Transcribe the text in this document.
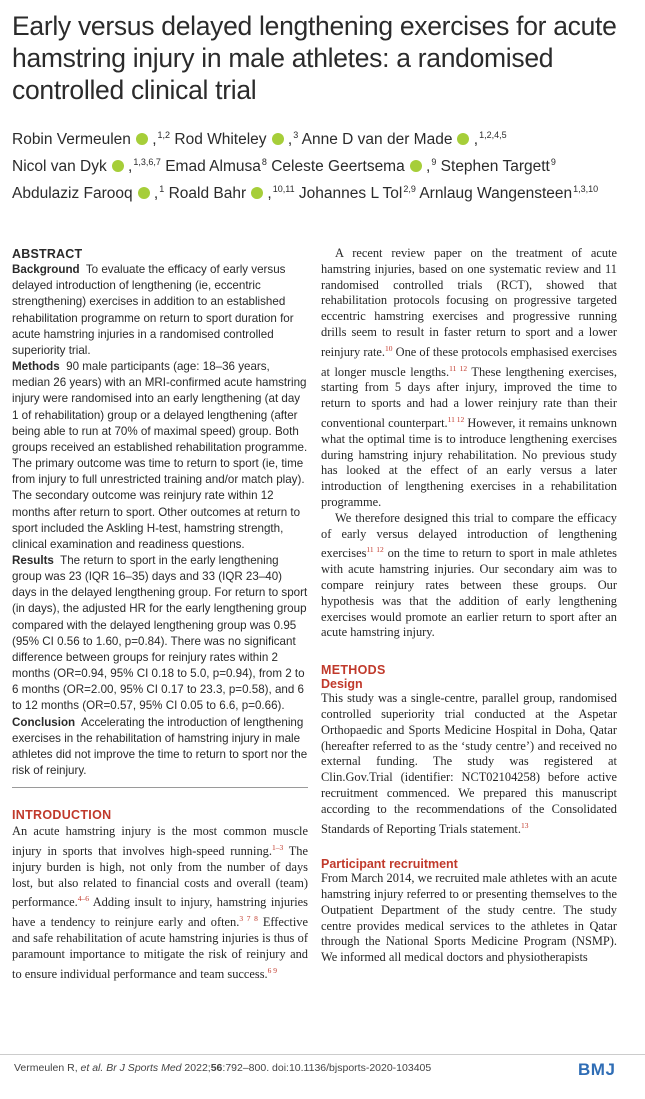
Early versus delayed lengthening exercises for acute hamstring injury in male athletes: a randomised controlled clinical trial
Robin Vermeulen ,$^{1,2}$ Rod Whiteley ,$^3$ Anne D van der Made ,$^{1,2,4,5}$ Nicol van Dyk ,$^{1,3,6,7}$ Emad Almusa$^8$ Celeste Geertsema ,$^9$ Stephen Targett$^9$ Abdulaziz Farooq ,$^1$ Roald Bahr ,$^{10,11}$ Johannes L Tol$^{2,9}$ Arnlaug Wangensteen$^{1,3,10}$
ABSTRACT

Background To evaluate the efficacy of early versus delayed introduction of lengthening (ie, eccentric strengthening) exercises in addition to an established rehabilitation programme on return to sport duration for acute hamstring injuries in a randomised controlled superiority trial.

Methods 90 male participants (age: 18–36 years, median 26 years) with an MRI-confirmed acute hamstring injury were randomised into an early lengthening (at day 1 of rehabilitation) group or a delayed lengthening (after being able to run at 70% of maximal speed) group. Both groups received an established rehabilitation programme. The primary outcome was time to return to sport (ie, time from injury to full unrestricted training and/or match play). The secondary outcome was reinjury rate within 12 months after return to sport. Other outcomes at return to sport included the Askling H-test, hamstring strength, clinical examination and readiness questions.

Results The return to sport in the early lengthening group was 23 (IQR 16–35) days and 33 (IQR 23–40) days in the delayed lengthening group. For return to sport (in days), the adjusted HR for the early lengthening group compared with the delayed lengthening group was 0.95 (95% CI 0.56 to 1.60, p=0.84). There was no significant difference between groups for reinjury rates within 2 months (OR=0.94, 95% CI 0.18 to 5.0, p=0.94), from 2 to 6 months (OR=2.00, 95% CI 0.17 to 23.3, p=0.58), and 6 to 12 months (OR=0.57, 95% CI 0.05 to 6.6, p=0.66).

Conclusion Accelerating the introduction of lengthening exercises in the rehabilitation of hamstring injury in male athletes did not improve the time to return to sport nor the risk of reinjury.

INTRODUCTION

An acute hamstring injury is the most common muscle injury in sports that involves high-speed running.$^{1-3}$ The injury burden is high, not only from the number of days lost, but also related to financial costs and overall (team) performance.$^{4-6}$ Adding insult to injury, hamstring injuries have a tendency to reinjure early and often.$^{3 7 8}$ Effective and safe rehabilitation of acute hamstring injuries is thus of paramount importance to mitigate the risk of reinjury and to ensure individual performance and team success.$^{6 9}$

A recent review paper on the treatment of acute hamstring injuries, based on one systematic review and 11 randomised controlled trials (RCT), showed that rehabilitation protocols focusing on progressive targeted eccentric hamstring exercises and progressive running drills seem to result in faster return to sport and a lower reinjury rate.$^{10}$ One of these protocols emphasised exercises at longer muscle lengths.$^{11 12}$ These lengthening exercises, starting from 5 days after injury, improved the time to return to sports and had a lower reinjury rate than their conventional counterpart.$^{11 12}$ However, it remains unknown what the optimal time is to introduce lengthening exercises during hamstring injury rehabilitation. No previous study has looked at the effect of an early versus a later introduction of lengthening exercises in a rehabilitation programme.

We therefore designed this trial to compare the efficacy of early versus delayed introduction of lengthening exercises$^{11 12}$ on the time to return to sport in male athletes with acute hamstring injuries. Our secondary aim was to compare reinjury rates between these groups. Our hypothesis was that the addition of early lengthening exercises would promote an earlier return to sport after an acute hamstring injury.

METHODS
Design

This study was a single-centre, parallel group, randomised controlled superiority trial conducted at the Aspetar Orthopaedic and Sports Medicine Hospital in Doha, Qatar (hereafter referred to as the ‘study centre’) and received no external funding. The study was registered at Clin.Gov.Trial (identifier: NCT02104258) before active recruitment commenced. We prepared this manuscript according to the recommendations of the Consolidated Standards of Reporting Trials statement.$^{13}$

Participant recruitment

From March 2014, we recruited male athletes with an acute hamstring injury referred to or presenting themselves to the Outpatient Department of the study centre. The study centre provides medical services to the athletes in Qatar through the National Sports Medicine Program (NSMP). We informed all medical doctors and physiotherapists

Vermeulen R, et al. Br J Sports Med 2022;56:792–800. doi:10.1136/bjsports-2020-103405	BMJ
